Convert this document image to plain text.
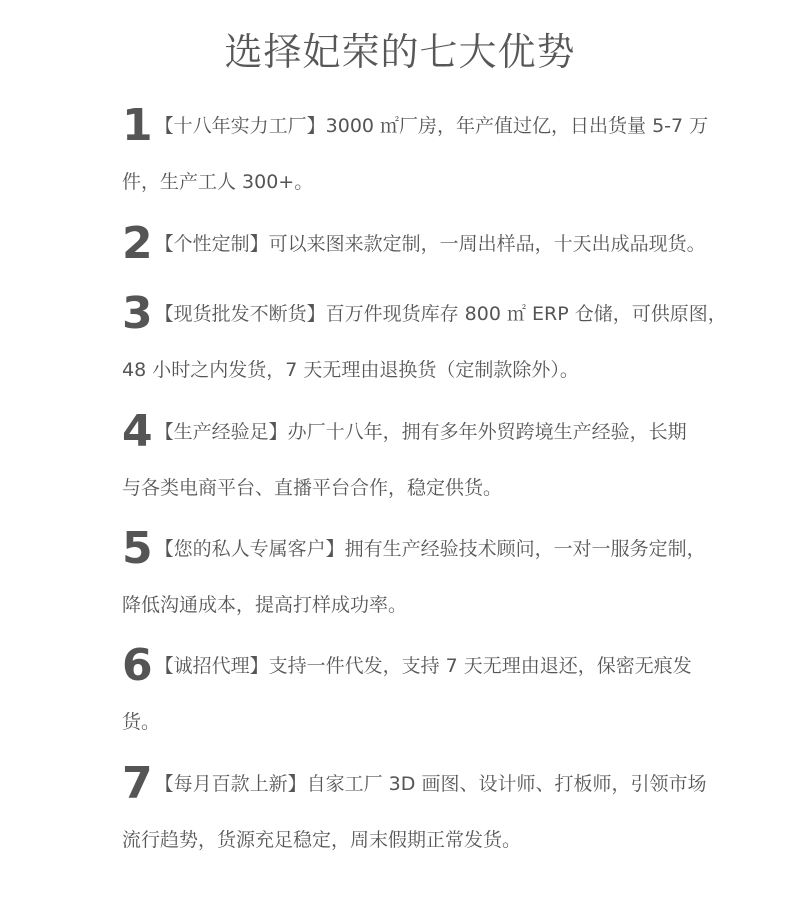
选择妃荣的七大优势
1 【十八年实力工厂】3000 ㎡厂房，年产值过亿，日出货量 5-7 万
件，生产工人 300+。
2 【个性定制】可以来图来款定制，一周出样品，十天出成品现货。
3 【现货批发不断货】百万件现货库存 800 ㎡ ERP 仓储，可供原图，
48 小时之内发货，7 天无理由退换货（定制款除外）。
4 【生产经验足】办厂十八年，拥有多年外贸跨境生产经验，长期
与各类电商平台、直播平台合作，稳定供货。
5 【您的私人专属客户】拥有生产经验技术顾问，一对一服务定制，
降低沟通成本，提高打样成功率。
6 【诚招代理】支持一件代发，支持 7 天无理由退还，保密无痕发
货。
7 【每月百款上新】自家工厂 3D 画图、设计师、打板师，引领市场
流行趋势，货源充足稳定，周末假期正常发货。
